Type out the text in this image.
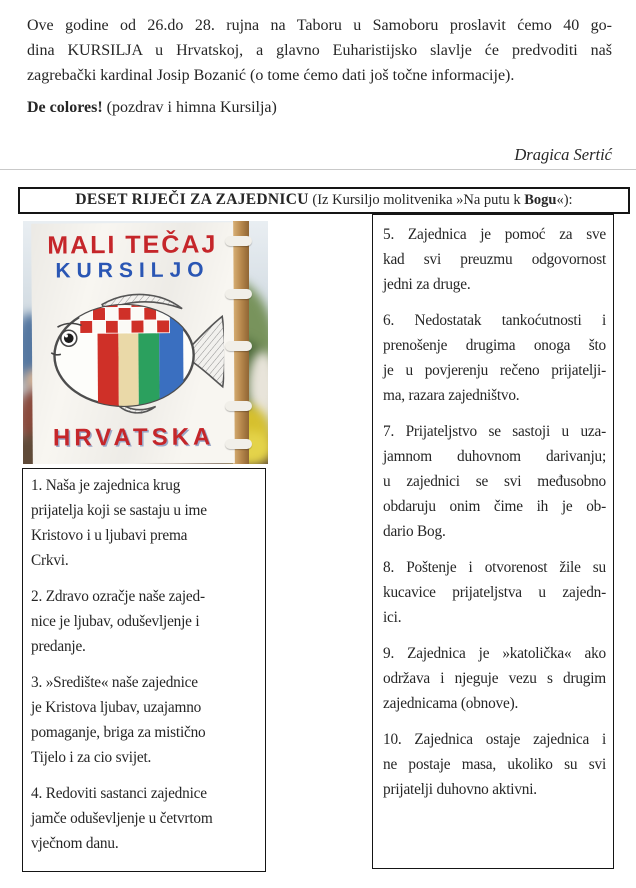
Ove godine od 26.do 28. rujna na Taboru u Samoboru proslavit ćemo 40 go-
dina KURSILJA u Hrvatskoj, a glavno Euharistijsko slavlje će predvoditi naš
zagrebački kardinal Josip Bozanić (o tome ćemo dati još točne informacije).
De colores! (pozdrav i himna Kursilja)
Dragica Sertić
DESET RIJEČI ZA ZAJEDNICU (Iz Kursiljo molitvenika »Na putu k Bogu«):
MALI TEČAJ
KURSILJO
HRVATSKA
1. Naša je zajednica krug
prijatelja koji se sastaju u ime
Kristovo i u ljubavi prema
Crkvi.
2. Zdravo ozračje naše zajed-
nice je ljubav, oduševljenje i
predanje.
3. »Središte« naše zajednice
je Kristova ljubav, uzajamno
pomaganje, briga za mistično
Tijelo i za cio svijet.
4. Redoviti sastanci zajednice
jamče oduševljenje u četvrtom
vječnom danu.
5. Zajednica je pomoć za sve
kad svi preuzmu odgovornost
jedni za druge.
6. Nedostatak tankoćutnosti i
prenošenje drugima onoga što
je u povjerenju rečeno prijatelji-
ma, razara zajedništvo.
7. Prijateljstvo se sastoji u uza-
jamnom duhovnom darivanju;
u zajednici se svi međusobno
obdaruju onim čime ih je ob-
dario Bog.
8. Poštenje i otvorenost žile su
kucavice prijateljstva u zajedn-
ici.
9. Zajednica je »katolička« ako
održava i njeguje vezu s drugim
zajednicama (obnove).
10. Zajednica ostaje zajednica i
ne postaje masa, ukoliko su svi
prijatelji duhovno aktivni.
